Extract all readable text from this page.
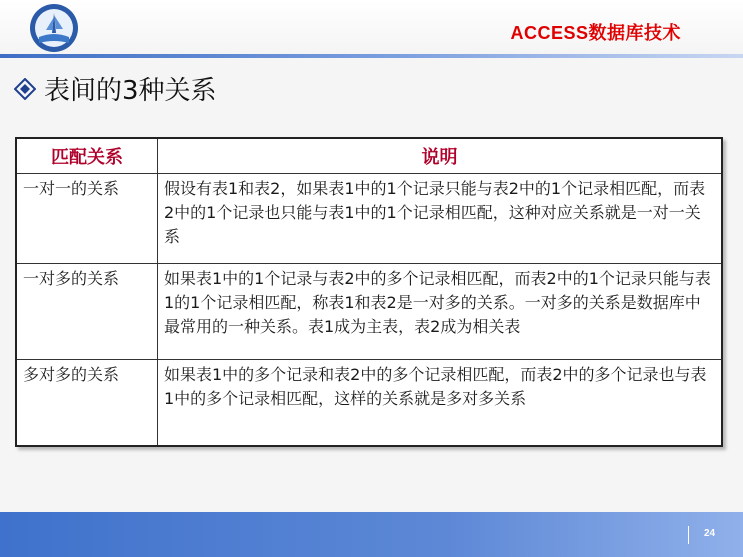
ACCESS数据库技术
表间的3种关系
匹配关系	说明
一对一的关系	假设有表1和表2，如果表1中的1个记录只能与表2中的1个记录相匹配，而表2中的1个记录也只能与表1中的1个记录相匹配，这种对应关系就是一对一关系
一对多的关系	如果表1中的1个记录与表2中的多个记录相匹配，而表2中的1个记录只能与表1的1个记录相匹配，称表1和表2是一对多的关系。一对多的关系是数据库中最常用的一种关系。表1成为主表，表2成为相关表
多对多的关系	如果表1中的多个记录和表2中的多个记录相匹配，而表2中的多个记录也与表1中的多个记录相匹配，这样的关系就是多对多关系
24
